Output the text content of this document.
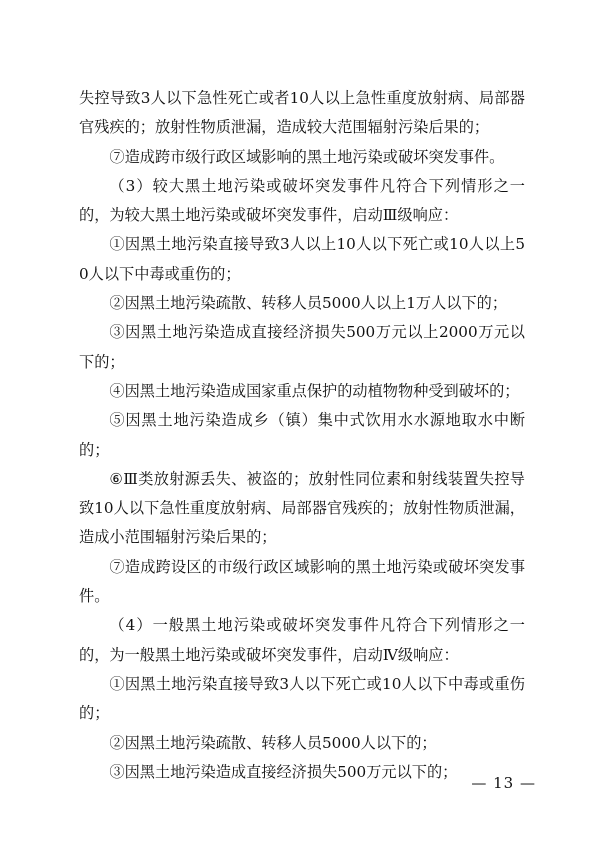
失控导致3人以下急性死亡或者10人以上急性重度放射病、局部器官残疾的；放射性物质泄漏，造成较大范围辐射污染后果的；

⑦造成跨市级行政区域影响的黑土地污染或破坏突发事件。

（3）较大黑土地污染或破坏突发事件凡符合下列情形之一的，为较大黑土地污染或破坏突发事件，启动Ⅲ级响应：

①因黑土地污染直接导致3人以上10人以下死亡或10人以上50人以下中毒或重伤的；

②因黑土地污染疏散、转移人员5000人以上1万人以下的；

③因黑土地污染造成直接经济损失500万元以上2000万元以下的；

④因黑土地污染造成国家重点保护的动植物物种受到破坏的；

⑤因黑土地污染造成乡（镇）集中式饮用水水源地取水中断的；

⑥Ⅲ类放射源丢失、被盗的；放射性同位素和射线装置失控导致10人以下急性重度放射病、局部器官残疾的；放射性物质泄漏，造成小范围辐射污染后果的；

⑦造成跨设区的市级行政区域影响的黑土地污染或破坏突发事件。

（4）一般黑土地污染或破坏突发事件凡符合下列情形之一的，为一般黑土地污染或破坏突发事件，启动Ⅳ级响应：

①因黑土地污染直接导致3人以下死亡或10人以下中毒或重伤的；

②因黑土地污染疏散、转移人员5000人以下的；

③因黑土地污染造成直接经济损失500万元以下的；

— 13 —
